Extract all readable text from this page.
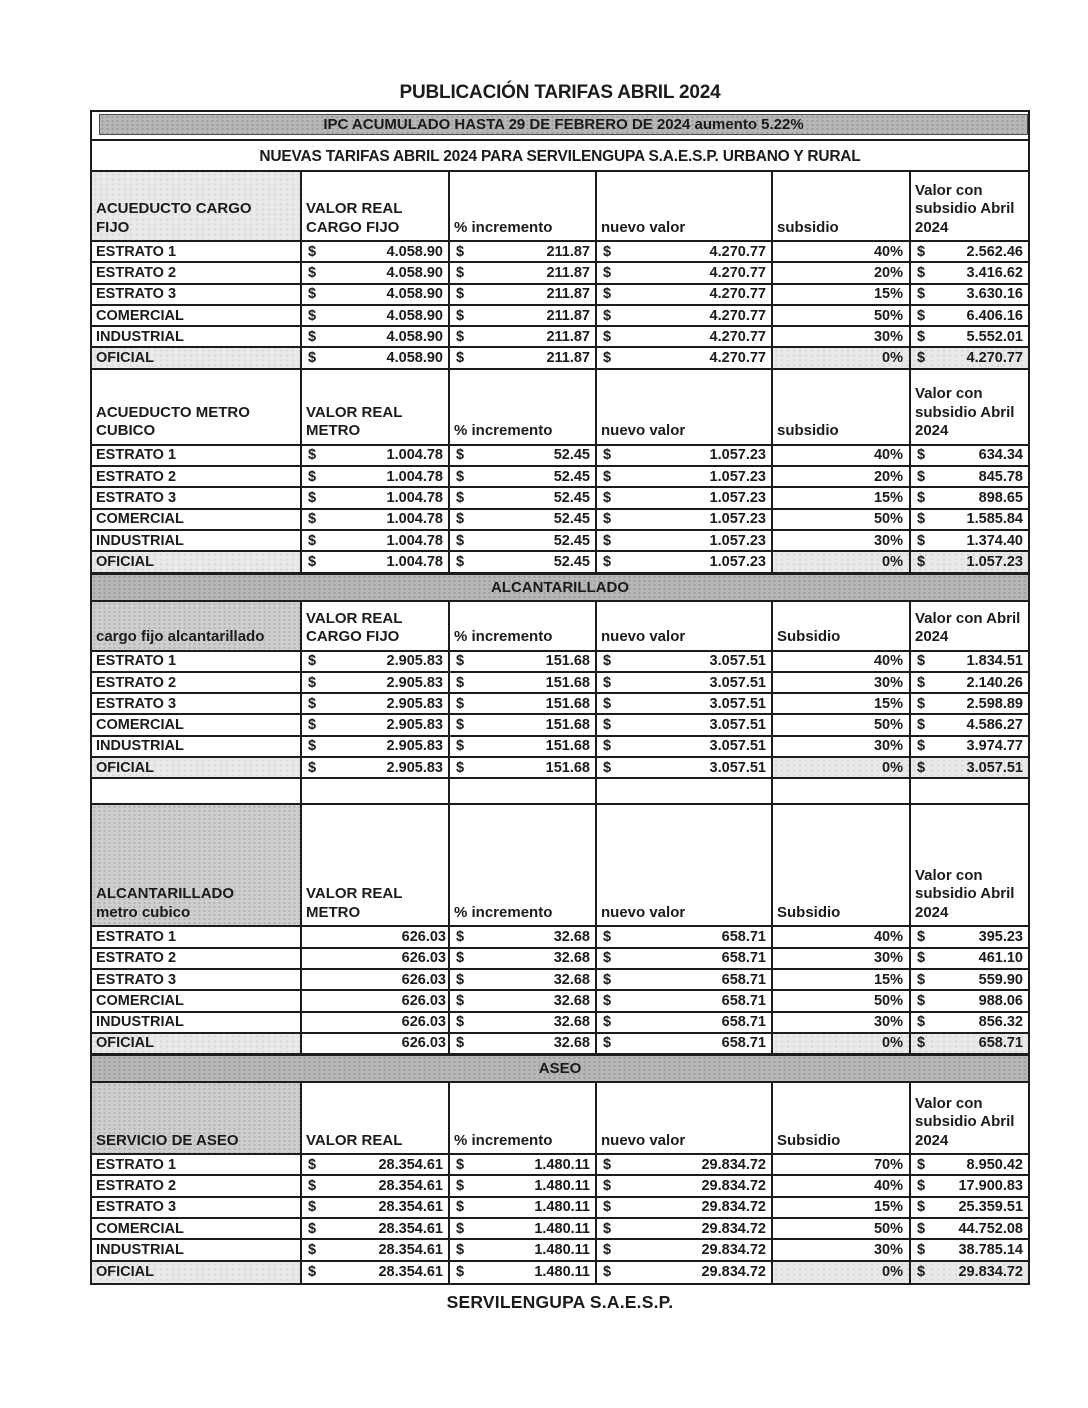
PUBLICACIÓN TARIFAS ABRIL 2024
IPC ACUMULADO HASTA 29 DE FEBRERO DE 2024 aumento 5.22%
NUEVAS TARIFAS ABRIL 2024 PARA SERVILENGUPA S.A.E.S.P. URBANO Y RURAL
ACUEDUCTO CARGO
FIJO
VALOR REAL
CARGO FIJO	% incremento	nuevo valor	subsidio
Valor con
subsidio Abril
2024
ESTRATO 1	$	4.058.90 $	211.87 $	4.270.77	40% $	2.562.46
ESTRATO 2	$	4.058.90 $	211.87 $	4.270.77	20% $	3.416.62
ESTRATO 3	$	4.058.90 $	211.87 $	4.270.77	15% $	3.630.16
COMERCIAL	$	4.058.90 $	211.87 $	4.270.77	50% $	6.406.16
INDUSTRIAL	$	4.058.90 $	211.87 $	4.270.77	30% $	5.552.01
OFICIAL	$	4.058.90 $	211.87 $	4.270.77	0% $	4.270.77
ACUEDUCTO METRO
CUBICO
VALOR REAL
METRO	% incremento	nuevo valor	subsidio
Valor con
subsidio Abril
2024
ESTRATO 1	$	1.004.78 $	52.45 $	1.057.23	40% $	634.34
ESTRATO 2	$	1.004.78 $	52.45 $	1.057.23	20% $	845.78
ESTRATO 3	$	1.004.78 $	52.45 $	1.057.23	15% $	898.65
COMERCIAL	$	1.004.78 $	52.45 $	1.057.23	50% $	1.585.84
INDUSTRIAL	$	1.004.78 $	52.45 $	1.057.23	30% $	1.374.40
OFICIAL	$	1.004.78 $	52.45 $	1.057.23	0% $	1.057.23
ALCANTARILLADO
cargo fijo alcantarillado
VALOR REAL
CARGO FIJO	% incremento	nuevo valor	Subsidio
Valor con Abril
2024
ESTRATO 1	$	2.905.83 $	151.68 $	3.057.51	40% $	1.834.51
ESTRATO 2	$	2.905.83 $	151.68 $	3.057.51	30% $	2.140.26
ESTRATO 3	$	2.905.83 $	151.68 $	3.057.51	15% $	2.598.89
COMERCIAL	$	2.905.83 $	151.68 $	3.057.51	50% $	4.586.27
INDUSTRIAL	$	2.905.83 $	151.68 $	3.057.51	30% $	3.974.77
OFICIAL	$	2.905.83 $	151.68 $	3.057.51	0% $	3.057.51
ALCANTARILLADO
metro cubico
VALOR REAL
METRO	% incremento	nuevo valor	Subsidio
Valor con
subsidio Abril
2024
ESTRATO 1	626.03 $	32.68 $	658.71	40% $	395.23
ESTRATO 2	626.03 $	32.68 $	658.71	30% $	461.10
ESTRATO 3	626.03 $	32.68 $	658.71	15% $	559.90
COMERCIAL	626.03 $	32.68 $	658.71	50% $	988.06
INDUSTRIAL	626.03 $	32.68 $	658.71	30% $	856.32
OFICIAL	626.03 $	32.68 $	658.71	0% $	658.71
ASEO
SERVICIO DE ASEO	VALOR REAL	% incremento	nuevo valor	Subsidio
Valor con
subsidio Abril
2024
ESTRATO 1	$	28.354.61 $	1.480.11 $	29.834.72	70% $	8.950.42
ESTRATO 2	$	28.354.61 $	1.480.11 $	29.834.72	40% $ 17.900.83
ESTRATO 3	$	28.354.61 $	1.480.11 $	29.834.72	15% $ 25.359.51
COMERCIAL	$	28.354.61 $	1.480.11 $	29.834.72	50% $ 44.752.08
INDUSTRIAL	$	28.354.61 $	1.480.11 $	29.834.72	30% $ 38.785.14
OFICIAL	$	28.354.61 $	1.480.11 $	29.834.72	0% $ 29.834.72
SERVILENGUPA S.A.E.S.P.
